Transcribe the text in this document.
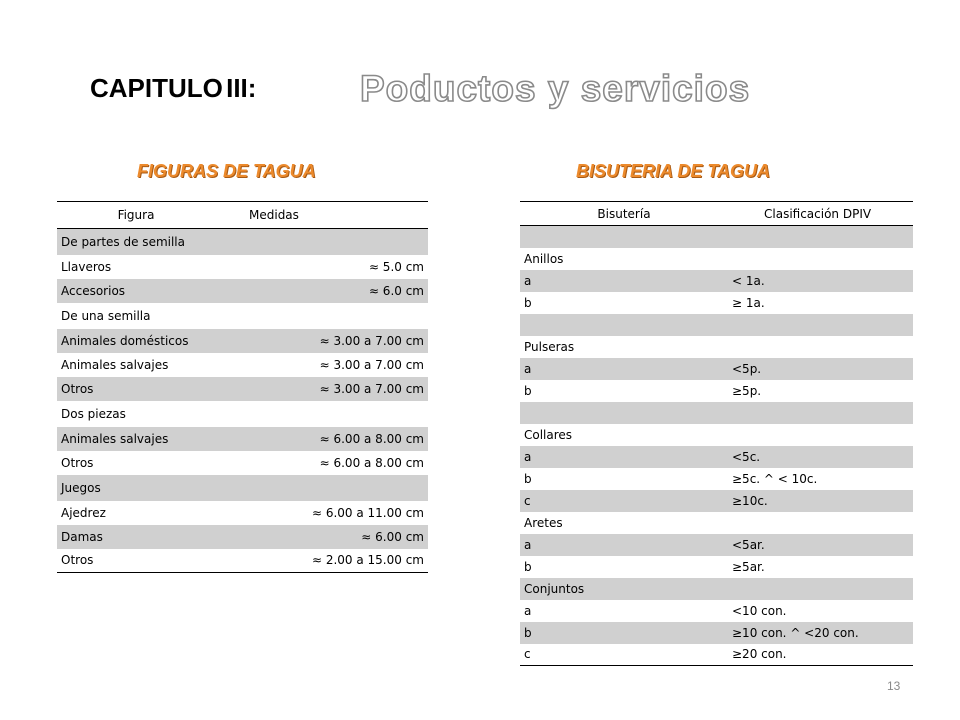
CAPITULO III:	Poductos y servicios
FIGURAS DE TAGUA	BISUTERIA DE TAGUA
Figura	Medidas
De partes de semilla	
Llaveros	≈ 5.0 cm
Accesorios	≈ 6.0 cm
De una semilla	
Animales domésticos	≈ 3.00 a 7.00 cm
Animales salvajes	≈ 3.00 a 7.00 cm
Otros	≈ 3.00 a 7.00 cm
Dos piezas	
Animales salvajes	≈ 6.00 a 8.00 cm
Otros	≈ 6.00 a 8.00 cm
Juegos	
Ajedrez	≈ 6.00 a 11.00 cm
Damas	≈ 6.00 cm
Otros	≈ 2.00 a 15.00 cm
Bisutería	Clasificación DPIV

Anillos	
a	< 1a.
b	≥ 1a.

Pulseras	
a	<5p.
b	≥5p.

Collares	
a	<5c.
b	≥5c. ^ < 10c.
c	≥10c.
Aretes	
a	<5ar.
b	≥5ar.
Conjuntos	
a	<10 con.
b	≥10 con. ^ <20 con.
c	≥20 con.
13
